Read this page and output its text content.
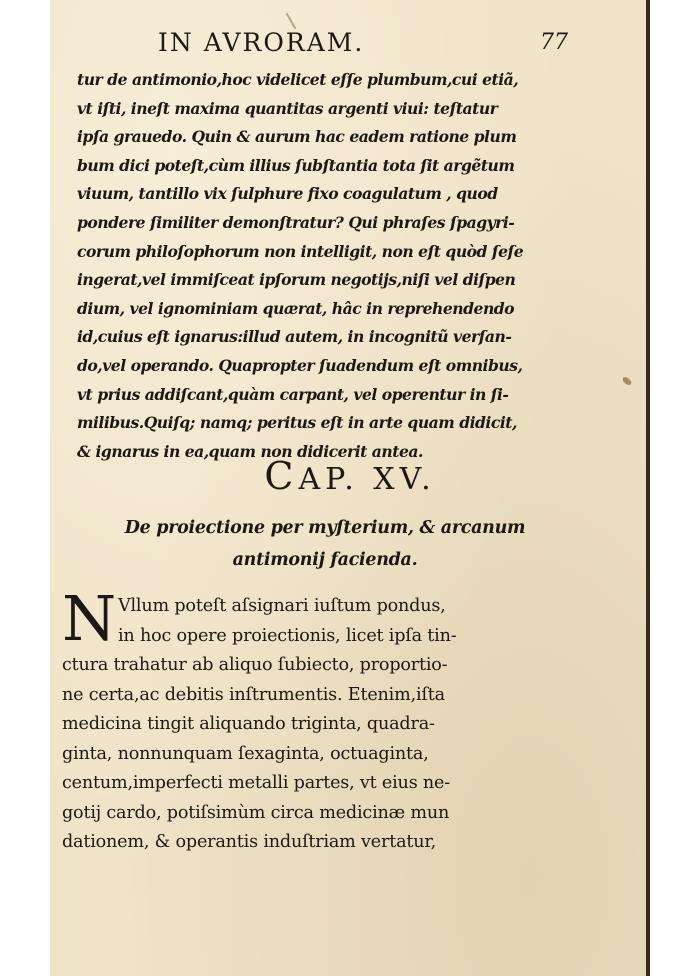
IN AVRORAM.	77
tur de antimonio,hoc videlicet eſſe plumbum,cui etiã,
vt iſti, ineſt maxima quantitas argenti viui: teſtatur
ipſa grauedo. Quin & aurum hac eadem ratione plum
bum dici poteſt,cùm illius ſubſtantia tota ſit argẽtum
viuum, tantillo vix ſulphure fixo coagulatum , quod
pondere ſimiliter demonſtratur? Qui phraſes ſpagyri-
corum philoſophorum non intelligit, non eſt quòd ſeſe
ingerat,vel immiſceat ipſorum negotijs,niſi vel diſpen
dium, vel ignominiam quærat, hâc in reprehendendo
id,cuius eſt ignarus:illud autem, in incognitũ verſan-
do,vel operando. Quapropter ſuadendum eſt omnibus,
vt prius addiſcant,quàm carpant, vel operentur in ſi-
milibus.Quiſq; namq; peritus eſt in arte quam didicit,
& ignarus in ea,quam non didicerit antea.
CAP. XV.
De proiectione per myſterium, & arcanum
antimonij facienda.
N Vllum poteſt aſsignari iuſtum pondus,
in hoc opere proiectionis, licet ipſa tin-
ctura trahatur ab aliquo ſubiecto, proportio-
ne certa,ac debitis inſtrumentis. Etenim,iſta
medicina tingit aliquando triginta, quadra-
ginta, nonnunquam ſexaginta, octuaginta,
centum,imperfecti metalli partes, vt eius ne-
gotij cardo, potiſsimùm circa medicinæ mun
dationem, & operantis induſtriam vertatur,
